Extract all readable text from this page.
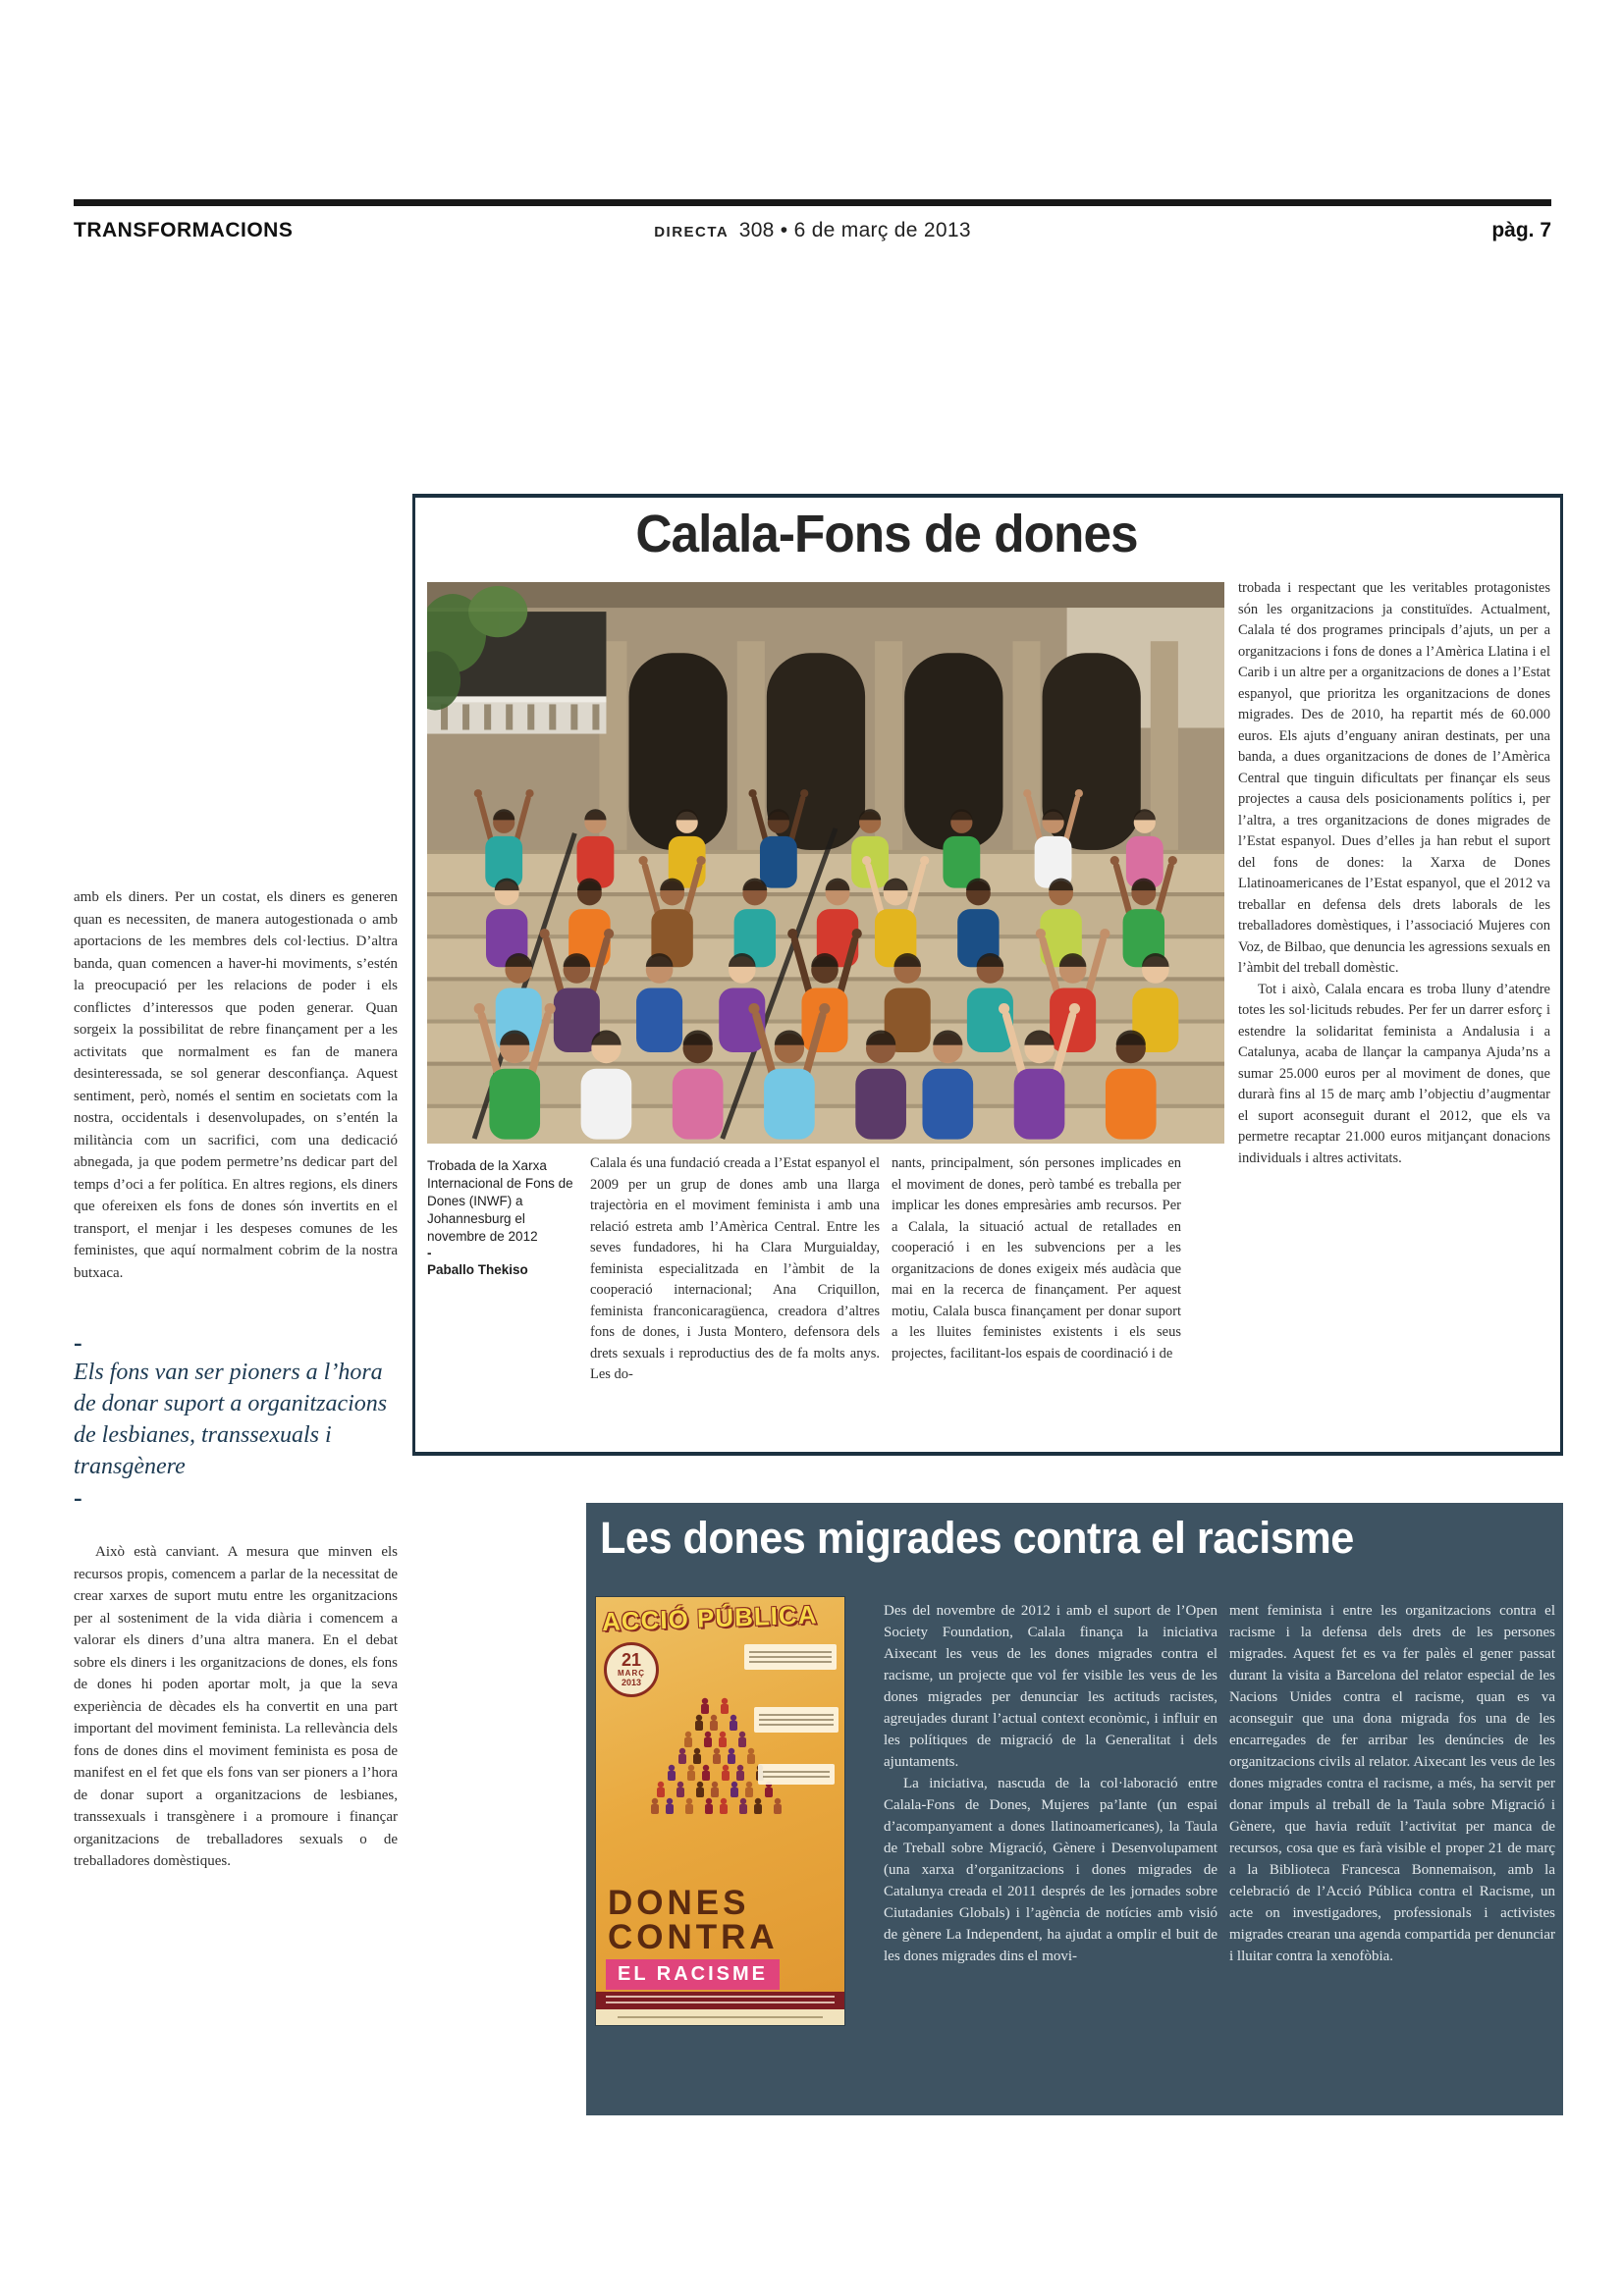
TRANSFORMACIONS	DIRECTA 308 • 6 de març de 2013	pàg. 7

amb els diners. Per un costat, els diners es generen quan es necessiten, de manera autogestionada o amb aportacions de les membres dels col·lectius. D’altra banda, quan comencen a haver-hi moviments, s’estén la preocupació per les relacions de poder i els conflictes d’interessos que poden generar. Quan sorgeix la possibilitat de rebre finançament per a les activitats que normalment es fan de manera desinteressada, se sol generar desconfiança. Aquest sentiment, però, només el sentim en societats com la nostra, occidentals i desenvolupades, on s’entén la militància com un sacrifici, com una dedicació abnegada, ja que podem permetre’ns dedicar part del temps d’oci a fer política. En altres regions, els diners que ofereixen els fons de dones són invertits en el transport, el menjar i les despeses comunes de les feministes, que aquí normalment cobrim de la nostra butxaca.

-

Els fons van ser pioners a l’hora de donar suport a organitzacions de lesbianes, transsexuals i transgènere

-

Això està canviant. A mesura que minven els recursos propis, comencem a parlar de la necessitat de crear xarxes de suport mutu entre les organitzacions per al sosteniment de la vida diària i comencem a valorar els diners d’una altra manera. En el debat sobre els diners i les organitzacions de dones, els fons de dones hi poden aportar molt, ja que la seva experiència de dècades els ha convertit en una part important del moviment feminista. La rellevància dels fons de dones dins el moviment feminista es posa de manifest en el fet que els fons van ser pioners a l’hora de donar suport a organitzacions de lesbianes, transsexuals i transgènere i a promoure i finançar organitzacions de treballadores sexuals o de treballadores domèstiques.

Calala-Fons de dones
Trobada de la Xarxa Internacional de Fons de Dones (INWF) a Johannesburg el novembre de 2012
-
Paballo Thekiso

Calala és una fundació creada a l’Estat espanyol el 2009 per un grup de dones amb una llarga trajectòria en el moviment feminista i amb una relació estreta amb l’Amèrica Central. Entre les seves fundadores, hi ha Clara Murguialday, feminista especialitzada en l’àmbit de la cooperació internacional; Ana Criquillon, feminista franconicaragüenca, creadora d’altres fons de dones, i Justa Montero, defensora dels drets sexuals i reproductius des de fa molts anys. Les do-

nants, principalment, són persones implicades en el moviment de dones, però també es treballa per implicar les dones empresàries amb recursos. Per a Calala, la situació actual de retallades en cooperació i en les subvencions per a les organitzacions de dones exigeix més audàcia que mai en la recerca de finançament. Per aquest motiu, Calala busca finançament per donar suport a les lluites feministes existents i els seus projectes, facilitant-los espais de coordinació i de

trobada i respectant que les veritables protagonistes són les organitzacions ja constituïdes. Actualment, Calala té dos programes principals d’ajuts, un per a organitzacions i fons de dones a l’Amèrica Llatina i el Carib i un altre per a organitzacions de dones a l’Estat espanyol, que prioritza les organitzacions de dones migrades. Des de 2010, ha repartit més de 60.000 euros. Els ajuts d’enguany aniran destinats, per una banda, a dues organitzacions de dones de l’Amèrica Central que tinguin dificultats per finançar els seus projectes a causa dels posicionaments polítics i, per l’altra, a tres organitzacions de dones migrades de l’Estat espanyol. Dues d’elles ja han rebut el suport del fons de dones: la Xarxa de Dones Llatinoamericanes de l’Estat espanyol, que el 2012 va treballar en defensa dels drets laborals de les treballadores domèstiques, i l’associació Mujeres con Voz, de Bilbao, que denuncia les agressions sexuals en l’àmbit del treball domèstic.

Tot i això, Calala encara es troba lluny d’atendre totes les sol·licituds rebudes. Per fer un darrer esforç i estendre la solidaritat feminista a Andalusia i a Catalunya, acaba de llançar la campanya Ajuda’ns a sumar 25.000 euros per al moviment de dones, que durarà fins al 15 de març amb l’objectiu d’augmentar el suport aconseguit durant el 2012, que els va permetre recaptar 21.000 euros mitjançant donacions individuals i altres activitats.

Les dones migrades contra el racisme
ACCIÓ PÚBLICA
21
MARÇ
2013
DONES
CONTRA
EL RACISME

Des del novembre de 2012 i amb el suport de l’Open Society Foundation, Calala finança la iniciativa Aixecant les veus de les dones migrades contra el racisme, un projecte que vol fer visible les veus de les dones migrades per denunciar les actituds racistes, agreujades durant l’actual context econòmic, i influir en les polítiques de migració de la Generalitat i dels ajuntaments.

La iniciativa, nascuda de la col·laboració entre Calala-Fons de Dones, Mujeres pa’lante (un espai d’acompanyament a dones llatinoamericanes), la Taula de Treball sobre Migració, Gènere i Desenvolupament (una xarxa d’organitzacions i dones migrades de Catalunya creada el 2011 després de les jornades sobre Ciutadanies Globals) i l’agència de notícies amb visió de gènere La Independent, ha ajudat a omplir el buit de les dones migrades dins el movi-

ment feminista i entre les organitzacions contra el racisme i la defensa dels drets de les persones migrades. Aquest fet es va fer palès el gener passat durant la visita a Barcelona del relator especial de les Nacions Unides contra el racisme, quan es va aconseguir que una dona migrada fos una de les encarregades de fer arribar les denúncies de les organitzacions civils al relator. Aixecant les veus de les dones migrades contra el racisme, a més, ha servit per donar impuls al treball de la Taula sobre Migració i Gènere, que havia reduït l’activitat per manca de recursos, cosa que es farà visible el proper 21 de març a la Biblioteca Francesca Bonnemaison, amb la celebració de l’Acció Pública contra el Racisme, un acte on investigadores, professionals i activistes migrades crearan una agenda compartida per denunciar i lluitar contra la xenofòbia.
